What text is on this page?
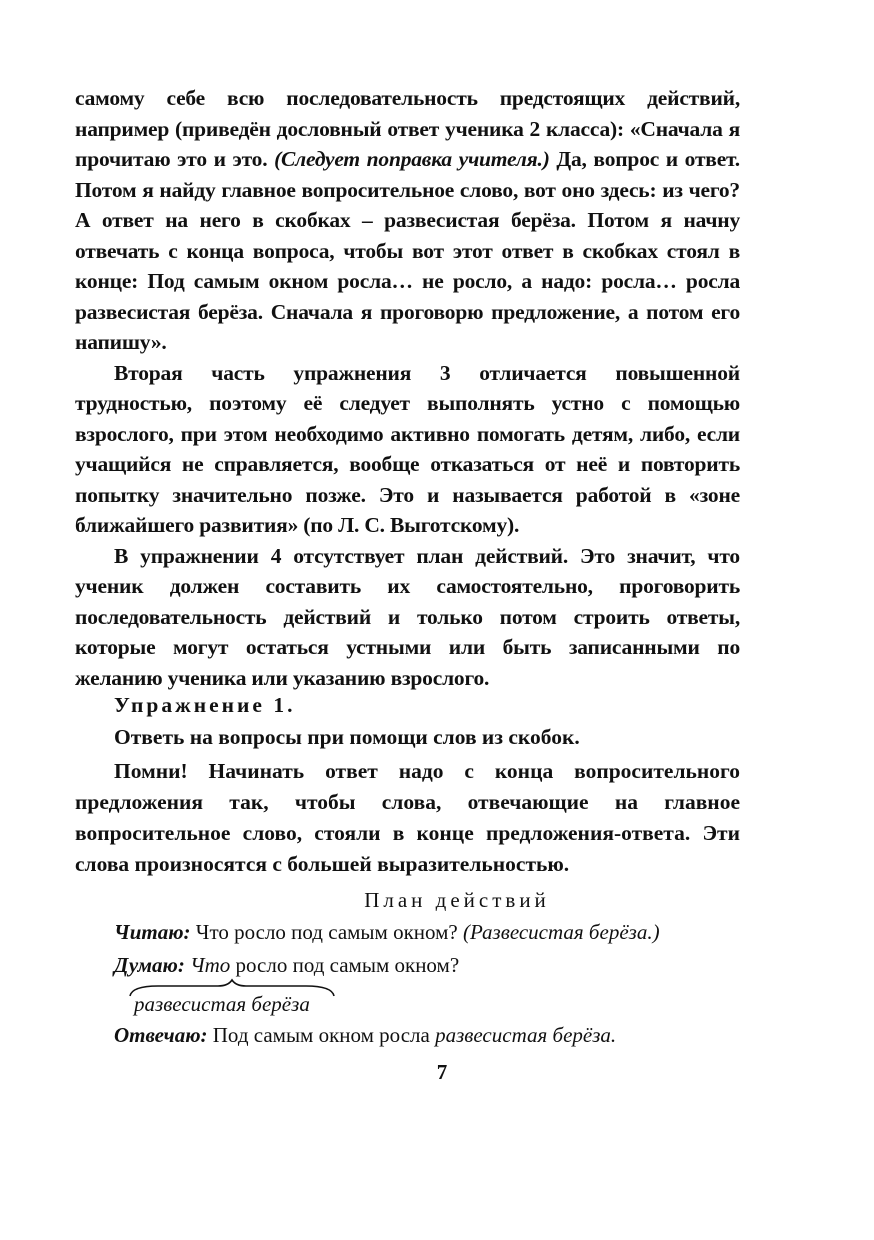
самому себе всю последовательность предстоящих действий, например (приведён дословный ответ ученика 2 класса): «Сначала я прочитаю это и это. (Следует поправка учителя.) Да, вопрос и ответ. Потом я найду главное вопросительное слово, вот оно здесь: из чего? А ответ на него в скобках – развесистая берёза. Потом я начну отвечать с конца вопроса, чтобы вот этот ответ в скобках стоял в конце: Под самым окном росла… не росло, а надо: росла… росла развесистая берёза. Сначала я проговорю предложение, а потом его напишу».

Вторая часть упражнения 3 отличается повышенной трудностью, поэтому её следует выполнять устно с помощью взрослого, при этом необходимо активно помогать детям, либо, если учащийся не справляется, вообще отказаться от неё и повторить попытку значительно позже. Это и называется работой в «зоне ближайшего развития» (по Л. С. Выготскому).

В упражнении 4 отсутствует план действий. Это значит, что ученик должен составить их самостоятельно, проговорить последовательность действий и только потом строить ответы, которые могут остаться устными или быть записанными по желанию ученика или указанию взрослого.

Упражнение 1.
Ответь на вопросы при помощи слов из скобок.
Помни! Начинать ответ надо с конца вопросительного предложения так, чтобы слова, отвечающие на главное вопросительное слово, стояли в конце предложения-ответа. Эти слова произносятся с большей выразительностью.
План действий
Читаю: Что росло под самым окном? (Развесистая берёза.)
Думаю: Что росло под самым окном?
развесистая берёза
Отвечаю: Под самым окном росла развесистая берёза.
7
